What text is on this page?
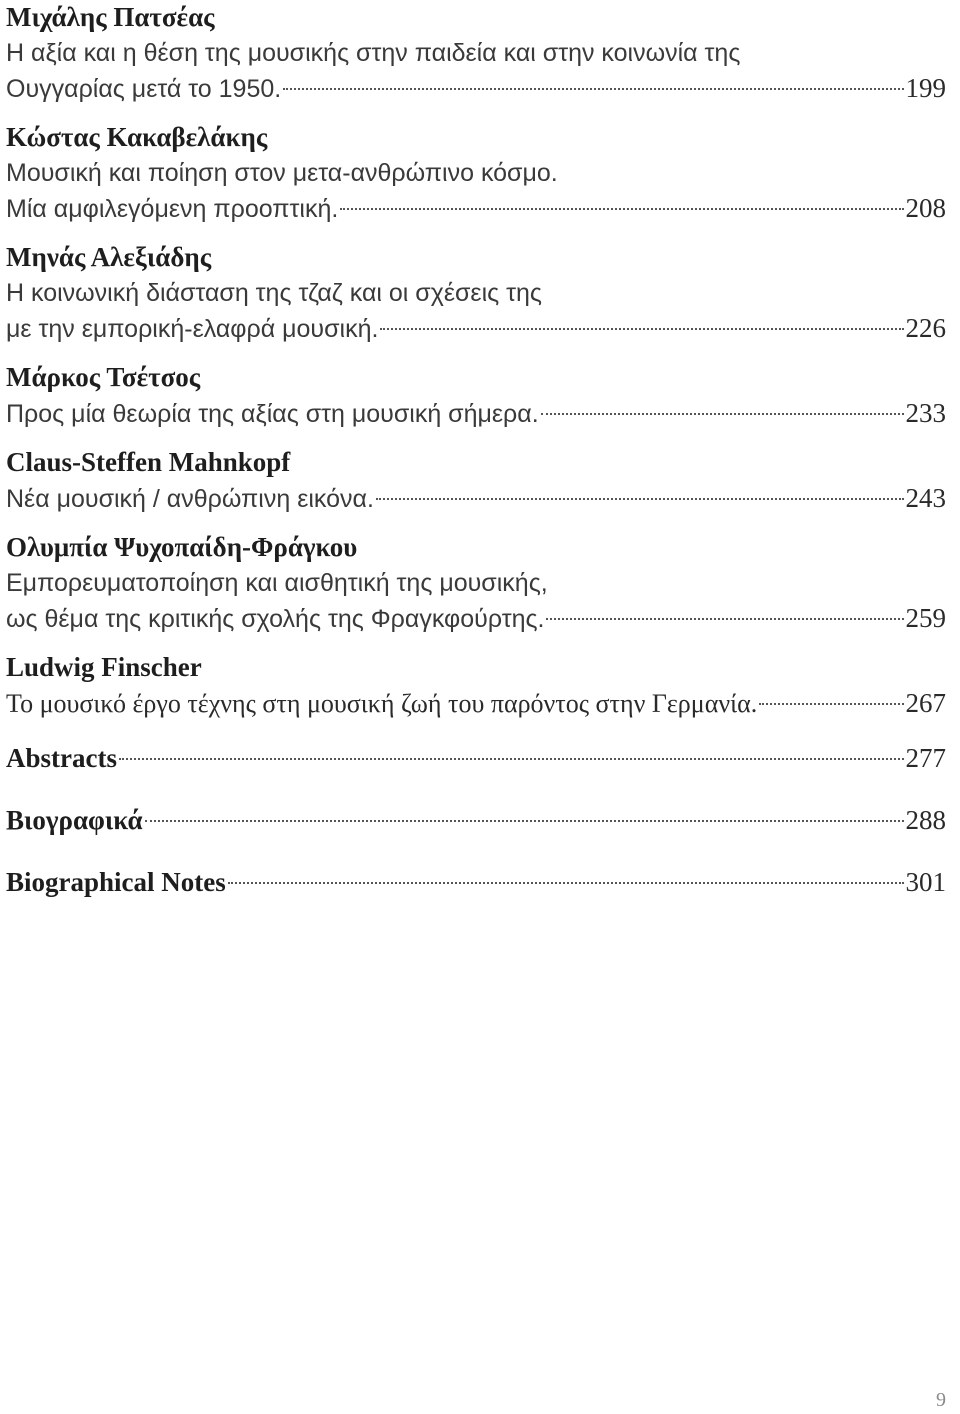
Μιχάλης Πατσέας
Η αξία και η θέση της μουσικής στην παιδεία και στην κοινωνία της
Ουγγαρίας μετά το 1950.	199
Κώστας Κακαβελάκης
Μουσική και ποίηση στον μετα-ανθρώπινο κόσμο.
Μία αμφιλεγόμενη προοπτική.	208
Μηνάς Αλεξιάδης
Η κοινωνική διάσταση της τζαζ και οι σχέσεις της
με την εμπορική-ελαφρά μουσική.	226
Μάρκος Τσέτσος
Προς μία θεωρία της αξίας στη μουσική σήμερα.	233
Claus-Steffen Mahnkopf
Νέα μουσική / ανθρώπινη εικόνα.	243
Ολυμπία Ψυχοπαίδη-Φράγκου
Εμπορευματοποίηση και αισθητική της μουσικής,
ως θέμα της κριτικής σχολής της Φραγκφούρτης.	259
Ludwig Finscher
Το μουσικό έργο τέχνης στη μουσική ζωή του παρόντος στην Γερμανία.	267
Abstracts	277
Βιογραφικά	288
Biographical Notes	301
9
